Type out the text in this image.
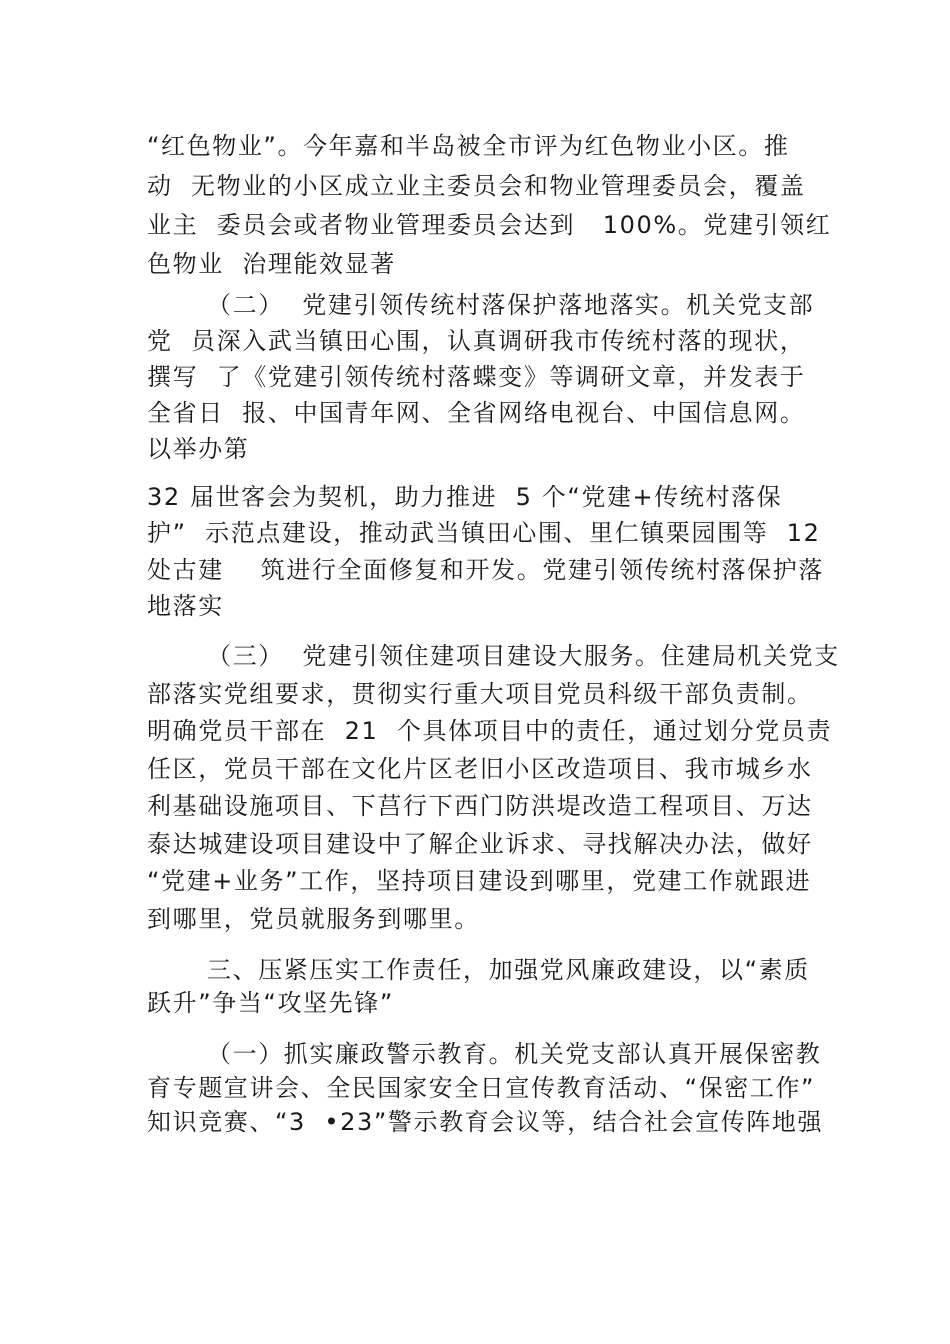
“红色物业”。今年嘉和半岛被全市评为红色物业小区。推
动  无物业的小区成立业主委员会和物业管理委员会，覆盖
业主  委员会或者物业管理委员会达到   100%。党建引领红
色物业  治理能效显著
（二）  党建引领传统村落保护落地落实。机关党支部
党  员深入武当镇田心围，认真调研我市传统村落的现状，
撰写  了《党建引领传统村落蝶变》等调研文章，并发表于
全省日  报、中国青年网、全省网络电视台、中国信息网。
以举办第
32 届世客会为契机，助力推进  5 个“党建+传统村落保
护”  示范点建设，推动武当镇田心围、里仁镇栗园围等  12
处古建    筑进行全面修复和开发。党建引领传统村落保护落
地落实
（三）  党建引领住建项目建设大服务。住建局机关党支
部落实党组要求，贯彻实行重大项目党员科级干部负责制。
明确党员干部在  21  个具体项目中的责任，通过划分党员责
任区，党员干部在文化片区老旧小区改造项目、我市城乡水
利基础设施项目、下莒行下西门防洪堤改造工程项目、万达
泰达城建设项目建设中了解企业诉求、寻找解决办法，做好
“党建+业务”工作，坚持项目建设到哪里，党建工作就跟进
到哪里，党员就服务到哪里。
三、压紧压实工作责任，加强党风廉政建设，以“素质
跃升”争当“攻坚先锋”
（一）抓实廉政警示教育。机关党支部认真开展保密教
育专题宣讲会、全民国家安全日宣传教育活动、“保密工作”
知识竞赛、“3  •23”警示教育会议等，结合社会宣传阵地强
